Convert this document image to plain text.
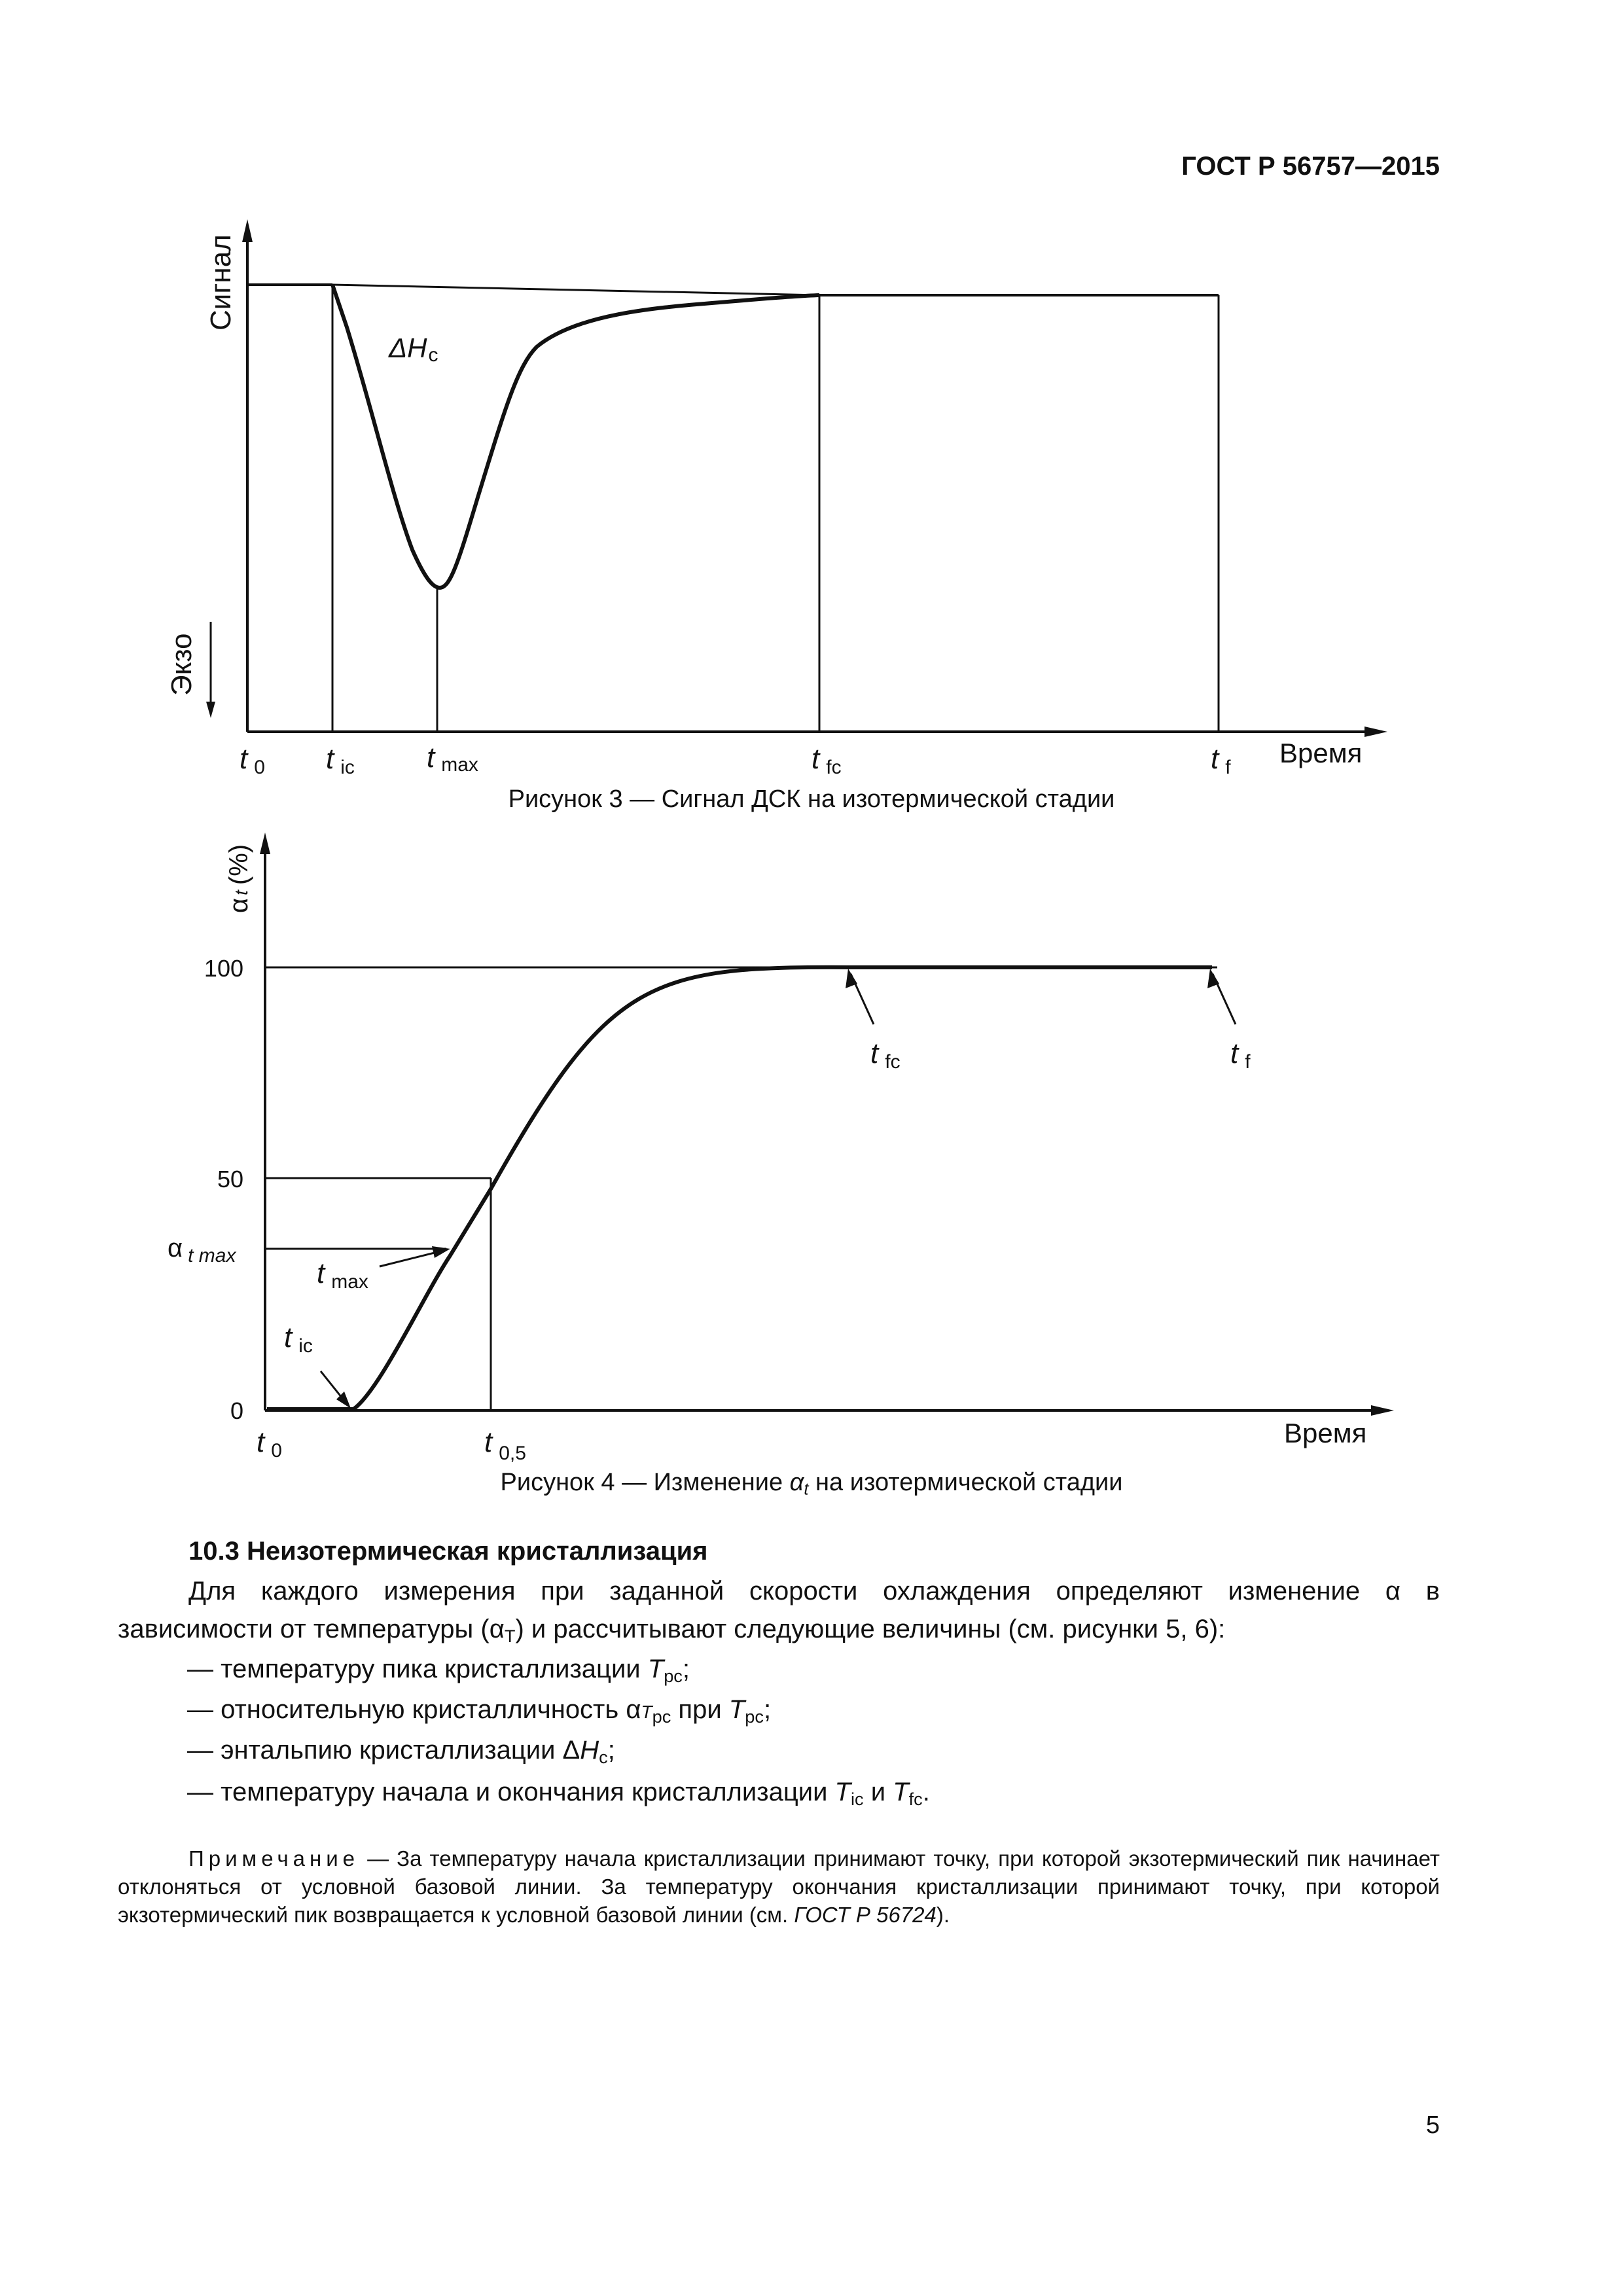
ГОСТ Р 56757—2015
Сигнал
Экзо
ΔHc
Время
t 0 t ic	t max	t fc	t f
Рисунок 3 — Сигнал ДСК на изотермической стадии
αt(%)
100
50
0
α $_{t max}$
Время
t 0	t $_{0,5}$
t fc	t f
t max
t ic
Рисунок 4 — Изменение $\alpha_t$ на изотермической стадии
10.3 Неизотермическая кристаллизация
Для каждого измерения при заданной скорости охлаждения определяют изменение α в
зависимости от температуры $(\alpha_T)$ и рассчитывают следующие величины (см. рисунки 5, 6):
— температуру пика кристаллизации $T_{pc}$;
— относительную кристалличность $\alpha T_{pc}$ при $T_{pc}$;
— энтальпию кристаллизации $\Delta H_c$;
— температуру начала и окончания кристаллизации $T_{ic}$ и $T_{fc}$.
Примечание — За температуру начала кристаллизации принимают точку, при которой экзотермический пик начинает отклоняться от условной базовой линии. За температуру окончания кристаллизации принимают точку, при которой экзотермический пик возвращается к условной базовой линии (см. ГОСТ Р 56724).
5
